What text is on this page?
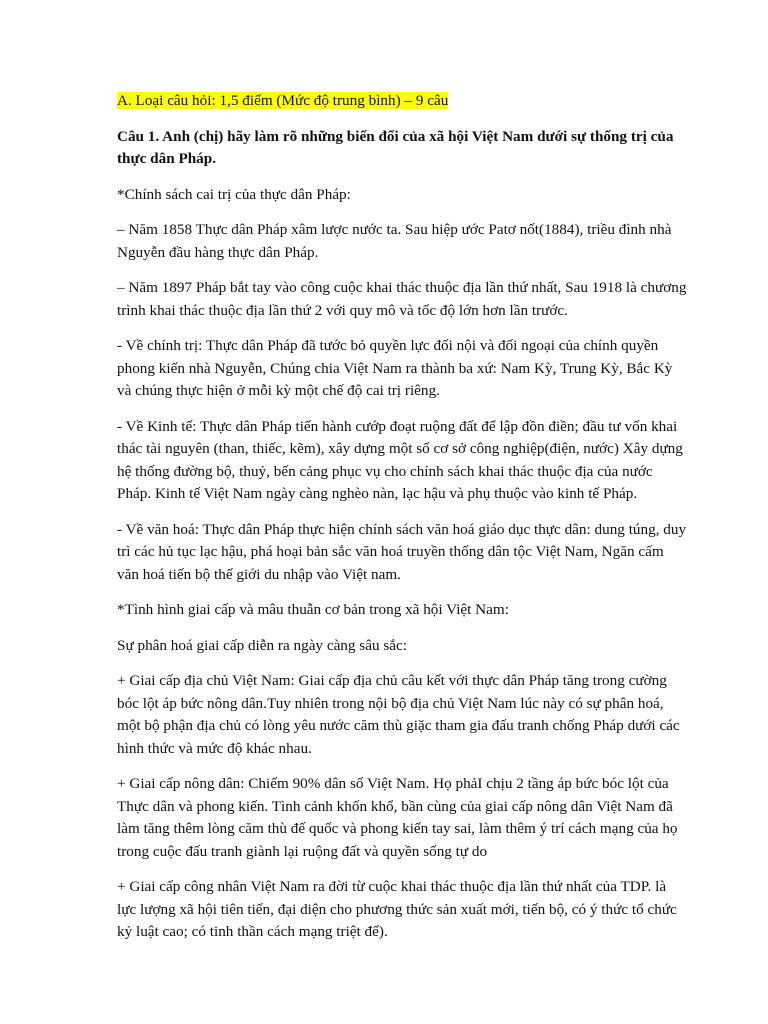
A. Loại câu hỏi: 1,5 điểm (Mức độ trung bình) – 9 câu

Câu 1. Anh (chị) hãy làm rõ những biến đổi của xã hội Việt Nam dưới sự thống trị của thực dân Pháp.

*Chính sách cai trị của thực dân Pháp:

– Năm 1858 Thực dân Pháp xâm lược nước ta. Sau hiệp ước Patơ nốt(1884), triều đình nhà Nguyễn đầu hàng thực dân Pháp.

– Năm 1897 Pháp bắt tay vào công cuộc khai thác thuộc địa lần thứ nhất, Sau 1918 là chương trình khai thác thuộc địa lần thứ 2 với quy mô và tốc độ lớn hơn lần trước.

- Về chính trị: Thực dân Pháp đã tước bỏ quyền lực đối nội và đối ngoại của chính quyền phong kiến nhà Nguyễn, Chúng chia Việt Nam ra thành ba xứ: Nam Kỳ, Trung Kỳ, Bắc Kỳ và chúng thực hiện ở mỗi kỳ một chế độ cai trị riêng.

- Về Kinh tế: Thực dân Pháp tiến hành cướp đoạt ruộng đất để lập đồn điền; đầu tư vốn khai thác tài nguyên (than, thiếc, kẽm), xây dựng một số cơ sở công nghiệp(điện, nước) Xây dựng hệ thống đường bộ, thuỷ, bến cảng phục vụ cho chính sách khai thác thuộc địa của nước Pháp. Kinh tế Việt Nam ngày càng nghèo nàn, lạc hậu và phụ thuộc vào kinh tế Pháp.

- Về văn hoá: Thực dân Pháp thực hiện chính sách văn hoá giáo dục thực dân: dung túng, duy trì các hủ tục lạc hậu, phá hoại bản sắc văn hoá truyền thống dân tộc Việt Nam, Ngăn cấm văn hoá tiến bộ thế giới du nhập vào Việt nam.

*Tình hình giai cấp và mâu thuẫn cơ bản trong xã hội Việt Nam:

Sự phân hoá giai cấp diễn ra ngày càng sâu sắc:

+ Giai cấp địa chủ Việt Nam: Giai cấp địa chủ câu kết với thực dân Pháp tăng trong cường bóc lột áp bức nông dân.Tuy nhiên trong nội bộ địa chủ Việt Nam lúc này có sự phân hoá, một bộ phận địa chủ có lòng yêu nước căm thù giặc tham gia đấu tranh chống Pháp dưới các hình thức và mức độ khác nhau.

+ Giai cấp nông dân: Chiếm 90% dân số Việt Nam. Họ phảI chịu 2 tầng áp bức bóc lột của Thực dân và phong kiến. Tình cảnh khốn khổ, bần cùng của giai cấp nông dân Việt Nam đã làm tăng thêm lòng căm thù đế quốc và phong kiến tay sai, làm thêm ý trí cách mạng của họ trong cuộc đấu tranh giành lại ruộng đất và quyền sống tự do

+ Giai cấp công nhân Việt Nam ra đời từ cuộc khai thác thuộc địa lần thứ nhất của TDP. là lực lượng xã hội tiên tiến, đại diện cho phương thức sản xuất mới, tiến bộ, có ý thức tổ chức kỷ luật cao; có tinh thần cách mạng triệt để).
